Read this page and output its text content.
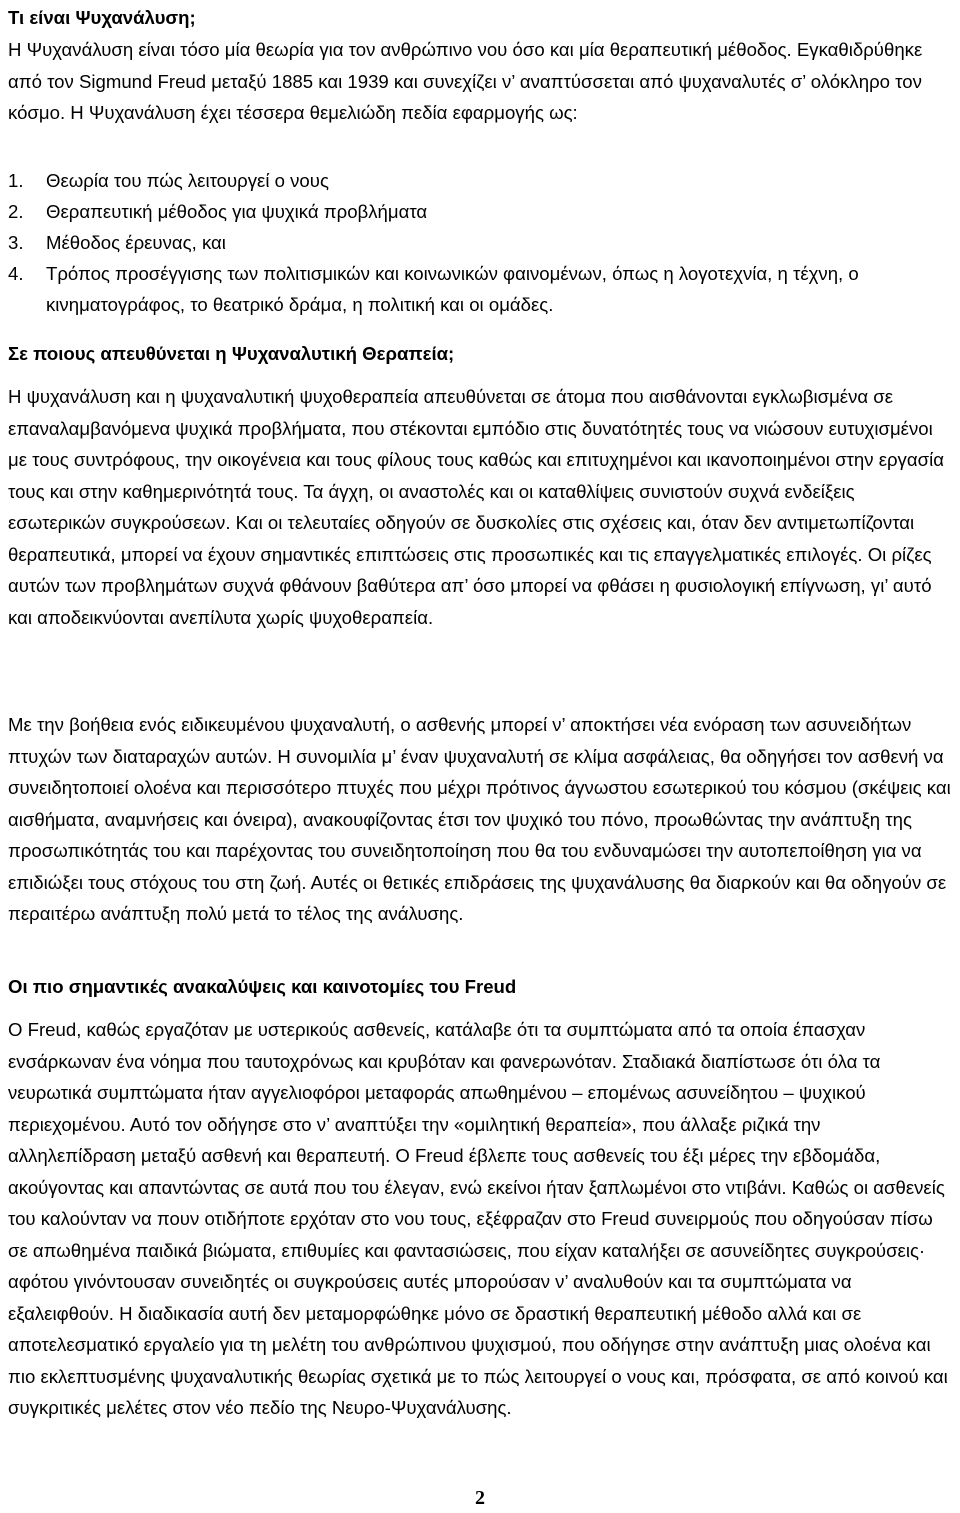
Τι είναι Ψυχανάλυση;

Η Ψυχανάλυση είναι τόσο μία θεωρία για τον ανθρώπινο νου όσο και μία θεραπευτική μέθοδος. Εγκαθιδρύθηκε από τον Sigmund Freud μεταξύ 1885 και 1939 και συνεχίζει ν’ αναπτύσσεται από ψυχαναλυτές σ’ ολόκληρο τον κόσμο. Η Ψυχανάλυση έχει τέσσερα θεμελιώδη πεδία εφαρμογής ως:

1. Θεωρία του πώς λειτουργεί ο νους
2. Θεραπευτική μέθοδος για ψυχικά προβλήματα
3. Μέθοδος έρευνας, και
4. Τρόπος προσέγγισης των πολιτισμικών και κοινωνικών φαινομένων, όπως η λογοτεχνία, η τέχνη, ο κινηματογράφος, το θεατρικό δράμα, η πολιτική και οι ομάδες.
Σε ποιους απευθύνεται η Ψυχαναλυτική Θεραπεία;

Η ψυχανάλυση και η ψυχαναλυτική ψυχοθεραπεία απευθύνεται σε άτομα που αισθάνονται εγκλωβισμένα σε επαναλαμβανόμενα ψυχικά προβλήματα, που στέκονται εμπόδιο στις δυνατότητές τους να νιώσουν ευτυχισμένοι με τους συντρόφους, την οικογένεια και τους φίλους τους καθώς και επιτυχημένοι και ικανοποιημένοι στην εργασία τους και στην καθημερινότητά τους. Τα άγχη, οι αναστολές και οι καταθλίψεις συνιστούν συχνά ενδείξεις εσωτερικών συγκρούσεων. Και οι τελευταίες οδηγούν σε δυσκολίες στις σχέσεις και, όταν δεν αντιμετωπίζονται θεραπευτικά, μπορεί να έχουν σημαντικές επιπτώσεις στις προσωπικές και τις επαγγελματικές επιλογές. Οι ρίζες αυτών των προβλημάτων συχνά φθάνουν βαθύτερα απ’ όσο μπορεί να φθάσει η φυσιολογική επίγνωση, γι’ αυτό και αποδεικνύονται ανεπίλυτα χωρίς ψυχοθεραπεία.

Με την βοήθεια ενός ειδικευμένου ψυχαναλυτή, ο ασθενής μπορεί ν’ αποκτήσει νέα ενόραση των ασυνειδήτων πτυχών των διαταραχών αυτών. Η συνομιλία μ’ έναν ψυχαναλυτή σε κλίμα ασφάλειας, θα οδηγήσει τον ασθενή να συνειδητοποιεί ολοένα και περισσότερο πτυχές που μέχρι πρότινος άγνωστου εσωτερικού του κόσμου (σκέψεις και αισθήματα, αναμνήσεις και όνειρα), ανακουφίζοντας έτσι τον ψυχικό του πόνο, προωθώντας την ανάπτυξη της προσωπικότητάς του και παρέχοντας του συνειδητοποίηση που θα του ενδυναμώσει την αυτοπεποίθηση για να επιδιώξει τους στόχους του στη ζωή. Αυτές οι θετικές επιδράσεις της ψυχανάλυσης θα διαρκούν και θα οδηγούν σε περαιτέρω ανάπτυξη πολύ μετά το τέλος της ανάλυσης.

Οι πιο σημαντικές ανακαλύψεις και καινοτομίες του Freud

Ο Freud, καθώς εργαζόταν με υστερικούς ασθενείς, κατάλαβε ότι τα συμπτώματα από τα οποία έπασχαν ενσάρκωναν ένα νόημα που ταυτοχρόνως και κρυβόταν και φανερωνόταν. Σταδιακά διαπίστωσε ότι όλα τα νευρωτικά συμπτώματα ήταν αγγελιοφόροι μεταφοράς απωθημένου – επομένως ασυνείδητου – ψυχικού περιεχομένου. Αυτό τον οδήγησε στο ν’ αναπτύξει την «ομιλητική θεραπεία», που άλλαξε ριζικά την αλληλεπίδραση μεταξύ ασθενή και θεραπευτή. Ο Freud έβλεπε τους ασθενείς του έξι μέρες την εβδομάδα, ακούγοντας και απαντώντας σε αυτά που του έλεγαν, ενώ εκείνοι ήταν ξαπλωμένοι στο ντιβάνι. Καθώς οι ασθενείς του καλούνταν να πουν οτιδήποτε ερχόταν στο νου τους, εξέφραζαν στο Freud συνειρμούς που οδηγούσαν πίσω σε απωθημένα παιδικά βιώματα, επιθυμίες και φαντασιώσεις, που είχαν καταλήξει σε ασυνείδητες συγκρούσεις· αφότου γινόντουσαν συνειδητές οι συγκρούσεις αυτές μπορούσαν ν’ αναλυθούν και τα συμπτώματα να εξαλειφθούν. Η διαδικασία αυτή δεν μεταμορφώθηκε μόνο σε δραστική θεραπευτική μέθοδο αλλά και σε αποτελεσματικό εργαλείο για τη μελέτη του ανθρώπινου ψυχισμού, που οδήγησε στην ανάπτυξη μιας ολοένα και πιο εκλεπτυσμένης ψυχαναλυτικής θεωρίας σχετικά με το πώς λειτουργεί ο νους και, πρόσφατα, σε από κοινού και συγκριτικές μελέτες στον νέο πεδίο της Νευρο-Ψυχανάλυσης.

2
